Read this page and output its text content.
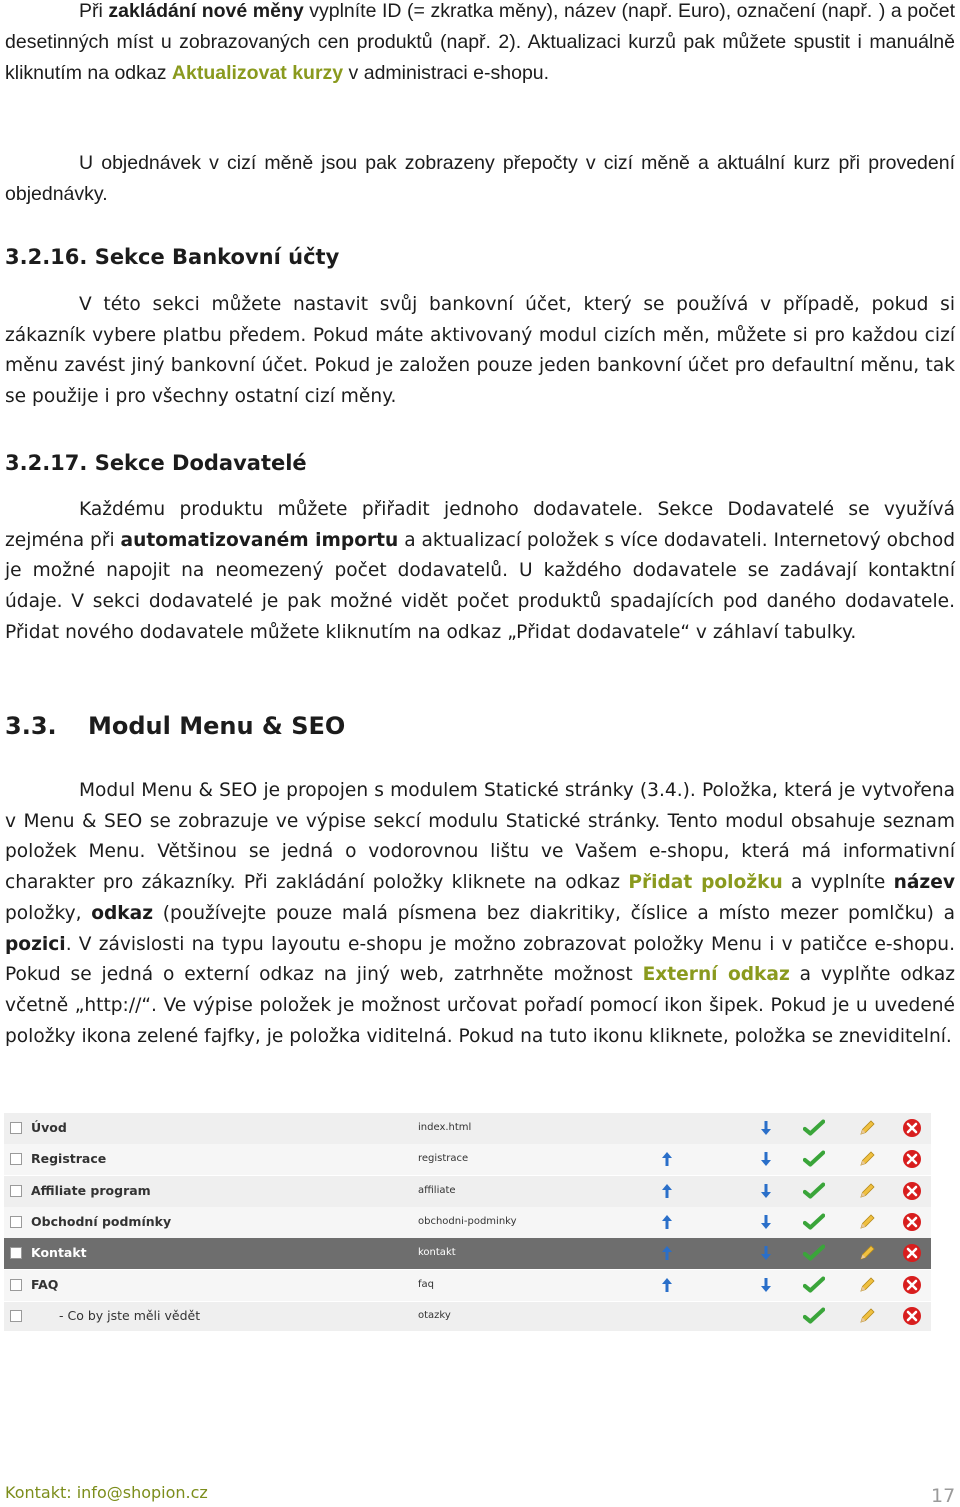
Při zakládání nové měny vyplníte ID (= zkratka měny), název (např. Euro), označení (např. ) a počet desetinných míst u zobrazovaných cen produktů (např. 2). Aktualizaci kurzů pak můžete spustit i manuálně kliknutím na odkaz Aktualizovat kurzy v administraci e-shopu.

U objednávek v cizí měně jsou pak zobrazeny přepočty v cizí měně a aktuální kurz při provedení objednávky.

3.2.16. Sekce Bankovní účty

V této sekci můžete nastavit svůj bankovní účet, který se používá v případě, pokud si zákazník vybere platbu předem. Pokud máte aktivovaný modul cizích měn, můžete si pro každou cizí měnu zavést jiný bankovní účet. Pokud je založen pouze jeden bankovní účet pro defaultní měnu, tak se použije i pro všechny ostatní cizí měny.

3.2.17. Sekce Dodavatelé

Každému produktu můžete přiřadit jednoho dodavatele. Sekce Dodavatelé se využívá zejména při automatizovaném importu a aktualizací položek s více dodavateli. Internetový obchod je možné napojit na neomezený počet dodavatelů. U každého dodavatele se zadávají kontaktní údaje. V sekci dodavatelé je pak možné vidět počet produktů spadajících pod daného dodavatele. Přidat nového dodavatele můžete kliknutím na odkaz „Přidat dodavatele“ v záhlaví tabulky.

3.3. Modul Menu & SEO

Modul Menu & SEO je propojen s modulem Statické stránky (3.4.). Položka, která je vytvořena v Menu & SEO se zobrazuje ve výpise sekcí modulu Statické stránky. Tento modul obsahuje seznam položek Menu. Většinou se jedná o vodorovnou lištu ve Vašem e-shopu, která má informativní charakter pro zákazníky. Při zakládání položky kliknete na odkaz Přidat položku a vyplníte název položky, odkaz (používejte pouze malá písmena bez diakritiky, číslice a místo mezer pomlčku) a pozici. V závislosti na typu layoutu e-shopu je možno zobrazovat položky Menu i v patičce e-shopu. Pokud se jedná o externí odkaz na jiný web, zatrhněte možnost Externí odkaz a vyplňte odkaz včetně „http://“. Ve výpise položek je možnost určovat pořadí pomocí ikon šipek. Pokud je u uvedené položky ikona zelené fajfky, je položka viditelná. Pokud na tuto ikonu kliknete, položka se zneviditelní.

Úvod	index.html
Registrace	registrace
Affiliate program	affiliate
Obchodní podmínky	obchodni-podminky
Kontakt	kontakt
FAQ	faq
- Co by jste měli vědět	otazky
Kontakt: info@shopion.cz	17
